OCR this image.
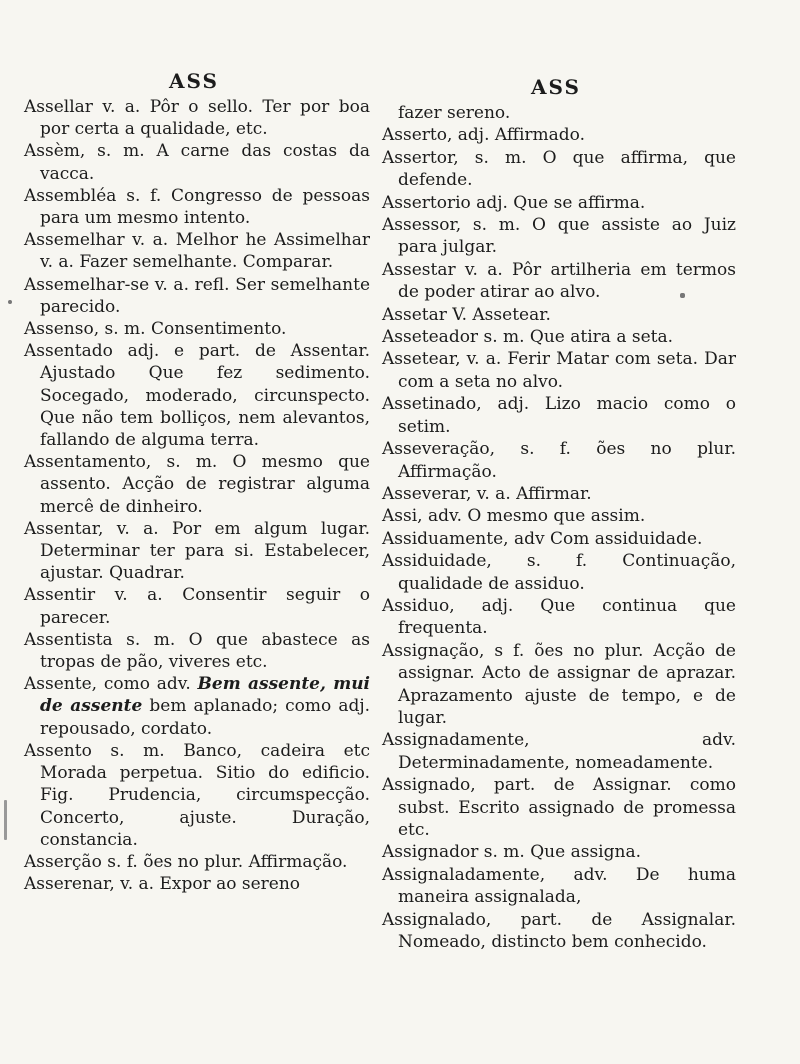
ASS

Assellar v. a. Pôr o sello. Ter por boa por certa a qualidade, etc.

Assèm, s. m. A carne das costas da vacca.

Assembléa s. f. Congresso de pessoas para um mesmo intento.

Assemelhar v. a. Melhor he Assimelhar v. a. Fazer semelhante. Comparar.

Assemelhar-se v. a. refl. Ser semelhante parecido.

Assenso, s. m. Consentimento.

Assentado adj. e part. de Assentar. Ajustado Que fez sedimento. Socegado, moderado, circunspecto. Que não tem bolliços, nem alevantos, fallando de alguma terra.

Assentamento, s. m. O mesmo que assento. Acção de registrar alguma mercê de dinheiro.

Assentar, v. a. Por em algum lugar. Determinar ter para si. Estabelecer, ajustar. Quadrar.

Assentir v. a. Consentir seguir o parecer.

Assentista s. m. O que abastece as tropas de pão, viveres etc.

Assente, como adv. Bem assente, mui de assente bem aplanado; como adj. repousado, cordato.

Assento s. m. Banco, cadeira etc Morada perpetua. Sitio do edificio. Fig. Prudencia, circumspecção. Concerto, ajuste. Duração, constancia.

Asserção s. f. ões no plur. Affirmação.

Asserenar, v. a. Expor ao sereno

ASS

fazer sereno.

Asserto, adj. Affirmado.

Assertor, s. m. O que affirma, que defende.

Assertorio adj. Que se affirma.

Assessor, s. m. O que assiste ao Juiz para julgar.

Assestar v. a. Pôr artilheria em termos de poder atirar ao alvo.

Assetar V. Assetear.

Asseteador s. m. Que atira a seta.

Assetear, v. a. Ferir Matar com seta. Dar com a seta no alvo.

Assetinado, adj. Lizo macio como o setim.

Asseveração, s. f. ões no plur. Affirmação.

Asseverar, v. a. Affirmar.

Assi, adv. O mesmo que assim.

Assiduamente, adv Com assiduidade.

Assiduidade, s. f. Continuação, qualidade de assiduo.

Assiduo, adj. Que continua que frequenta.

Assignação, s f. ões no plur. Acção de assignar. Acto de assignar de aprazar. Aprazamento ajuste de tempo, e de lugar.

Assignadamente, adv. Determinadamente, nomeadamente.

Assignado, part. de Assignar. como subst. Escrito assignado de promessa etc.

Assignador s. m. Que assigna.

Assignaladamente, adv. De huma maneira assignalada,

Assignalado, part. de Assignalar. Nomeado, distincto bem conhecido.
